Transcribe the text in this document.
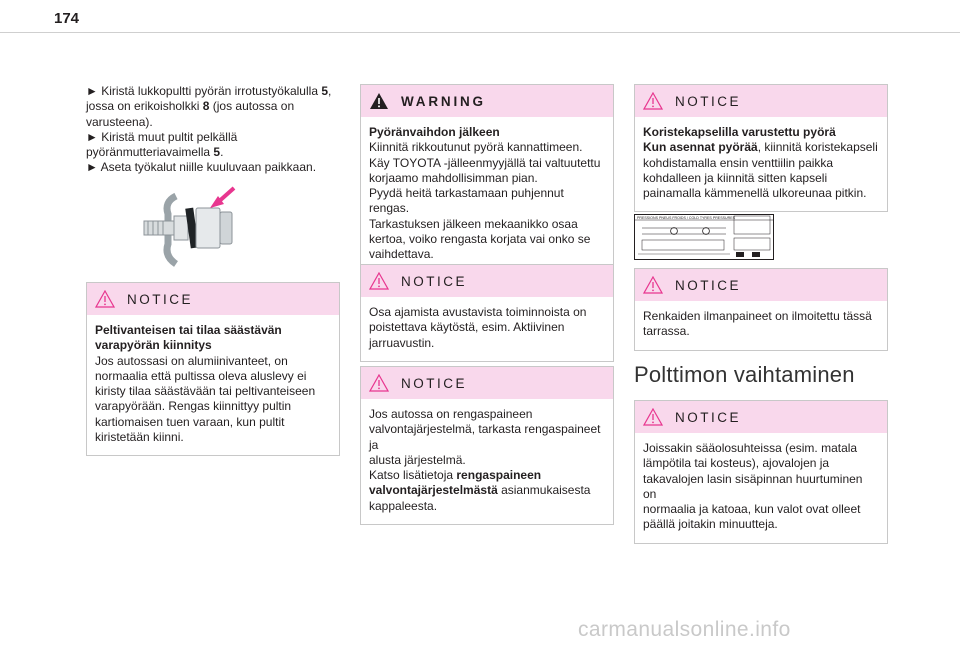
174

► Kiristä lukkopultti pyörän irrotustyökalulla 5,

jossa on erikoisholkki 8 (jos autossa on

varusteena).

► Kiristä muut pultit pelkällä

pyöränmutteriavaimella 5.

► Aseta työkalut niille kuuluvaan paikkaan.

NOTICE

Peltivanteisen tai tilaa säästävän

varapyörän kiinnitys

Jos autossasi on alumiinivanteet, on

normaalia että pultissa oleva aluslevy ei

kiristy tilaa säästävään tai peltivanteiseen

varapyörään. Rengas kiinnittyy pultin

kartiomaisen tuen varaan, kun pultit

kiristetään kiinni.

WARNING

Pyöränvaihdon jälkeen

Kiinnitä rikkoutunut pyörä kannattimeen.

Käy TOYOTA -jälleenmyyjällä tai valtuutettu

korjaamo mahdollisimman pian.

Pyydä heitä tarkastamaan puhjennut rengas.

Tarkastuksen jälkeen mekaanikko osaa

kertoa, voiko rengasta korjata vai onko se

vaihdettava.

NOTICE

Osa ajamista avustavista toiminnoista on

poistettava käytöstä, esim. Aktiivinen

jarruavustin.

NOTICE

Jos autossa on rengaspaineen

valvontajärjestelmä, tarkasta rengaspaineet ja

alusta järjestelmä.

Katso lisätietoja rengaspaineen

valvontajärjestelmästä asianmukaisesta

kappaleesta.

NOTICE

Koristekapselilla varustettu pyörä

Kun asennat pyörää, kiinnitä koristekapseli

kohdistamalla ensin venttiilin paikka

kohdalleen ja kiinnitä sitten kapseli

painamalla kämmenellä ulkoreunaa pitkin.

PRESSIONS PNEUS FROIDS / COLD TYRES PRESSURES
NOTICE

Renkaiden ilmanpaineet on ilmoitettu tässä

tarrassa.

Polttimon vaihtaminen
NOTICE

Joissakin sääolosuhteissa (esim. matala

lämpötila tai kosteus), ajovalojen ja

takavalojen lasin sisäpinnan huurtuminen on

normaalia ja katoaa, kun valot ovat olleet

päällä joitakin minuutteja.

carmanualsonline.info
